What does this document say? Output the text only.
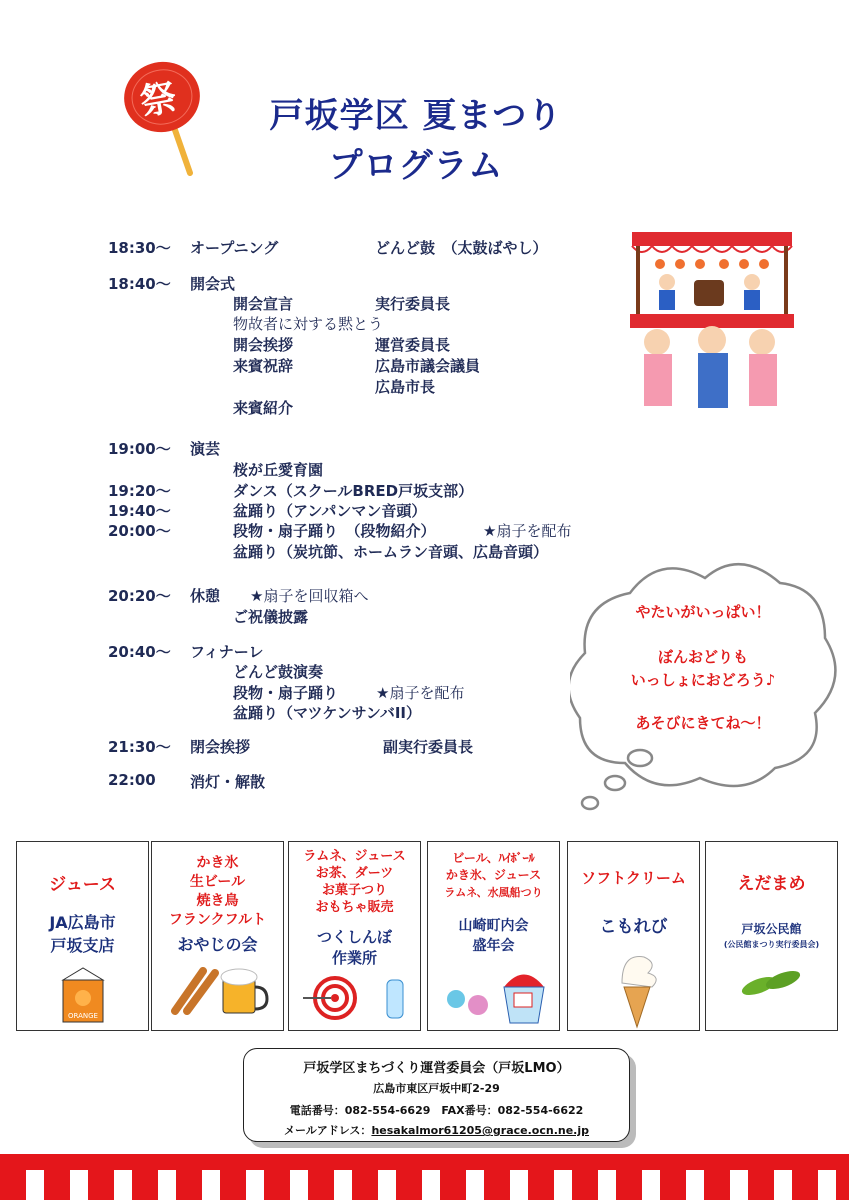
祭	戸坂学区 夏まつり
プログラム
18:30〜 オープニング	どんど鼓　（太鼓ばやし）
18:40〜 開会式
開会宣言	実行委員長
物故者に対する黙とう
開会挨拶	運営委員長
来賓祝辞	広島市議会議員
広島市長
来賓紹介
19:00〜 演芸
桜が丘愛育園
19:20〜	ダンス（スクールBRED戸坂支部）
19:40〜	盆踊り（アンパンマン音頭）
20:00〜	段物・扇子踊り　（段物紹介）	★扇子を配布
盆踊り（炭坑節、ホームラン音頭、広島音頭）
20:20〜 休憩 ★扇子を回収箱へ
ご祝儀披露
20:40〜 フィナーレ
どんど鼓演奏
段物・扇子踊り	★扇子を配布
盆踊り（マツケンサンバII）
21:30〜 閉会挨拶	副実行委員長
22:00 消灯・解散
やたいがいっぱい！
ぼんおどりも
いっしょにおどろう♪
あそびにきてね〜！
ジュース
JA広島市
戸坂支店
ORANGE
かき氷
生ビール
焼き鳥
フランクフルト
おやじの会
ラムネ、ジュース
お茶、ダーツ
お菓子つり
おもちゃ販売
つくしんぼ
作業所
ビール、ﾊｲﾎﾞｰﾙ
かき氷、ジュース
ラムネ、水風船つり
山崎町内会
盛年会
ソフトクリーム
こもれび
えだまめ
戸坂公民館
(公民館まつり実行委員会)
戸坂学区まちづくり運営委員会（戸坂LMO）
広島市東区戸坂中町2-29
電話番号：082-554-6629　FAX番号：082-554-6622
メールアドレス：hesakalmor61205@grace.ocn.ne.jp
